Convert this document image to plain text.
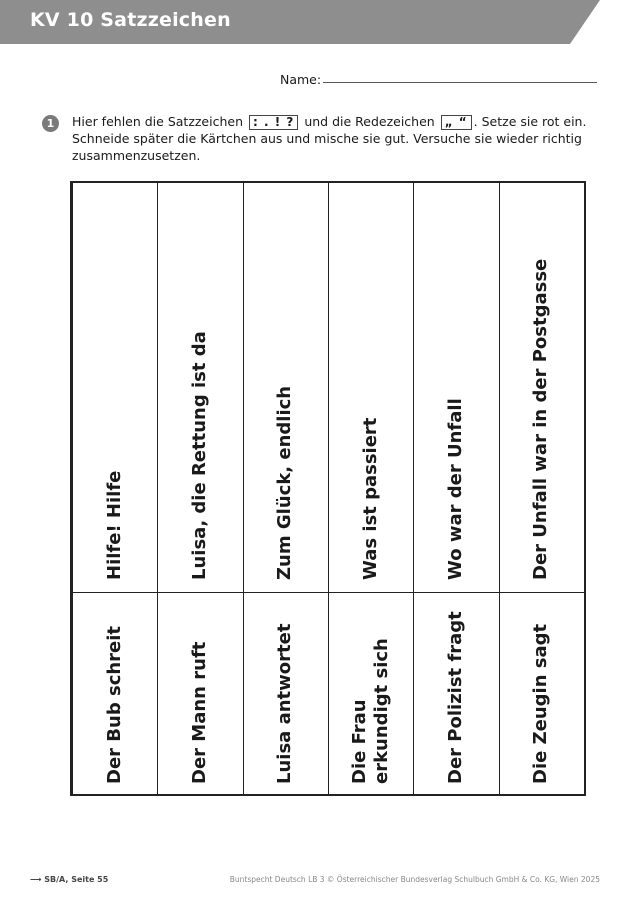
KV 10 Satzzeichen
Name:
1	Hier fehlen die Satzzeichen : . ! ? und die Redezeichen „ “ . Setze sie rot ein. Schneide später die Kärtchen aus und mische sie gut. Versuche sie wieder richtig zusammenzusetzen.
Hilfe! Hilfe
Der Bub schreit
Luisa, die Rettung ist da
Der Mann ruft
Zum Glück, endlich
Luisa antwortet
Was ist passiert
Die Frau erkundigt sich
Wo war der Unfall
Der Polizist fragt
Der Unfall war in der Postgasse
Die Zeugin sagt
⟶ SB/A, Seite 55	Buntspecht Deutsch LB 3 © Österreichischer Bundesverlag Schulbuch GmbH & Co. KG, Wien 2025
